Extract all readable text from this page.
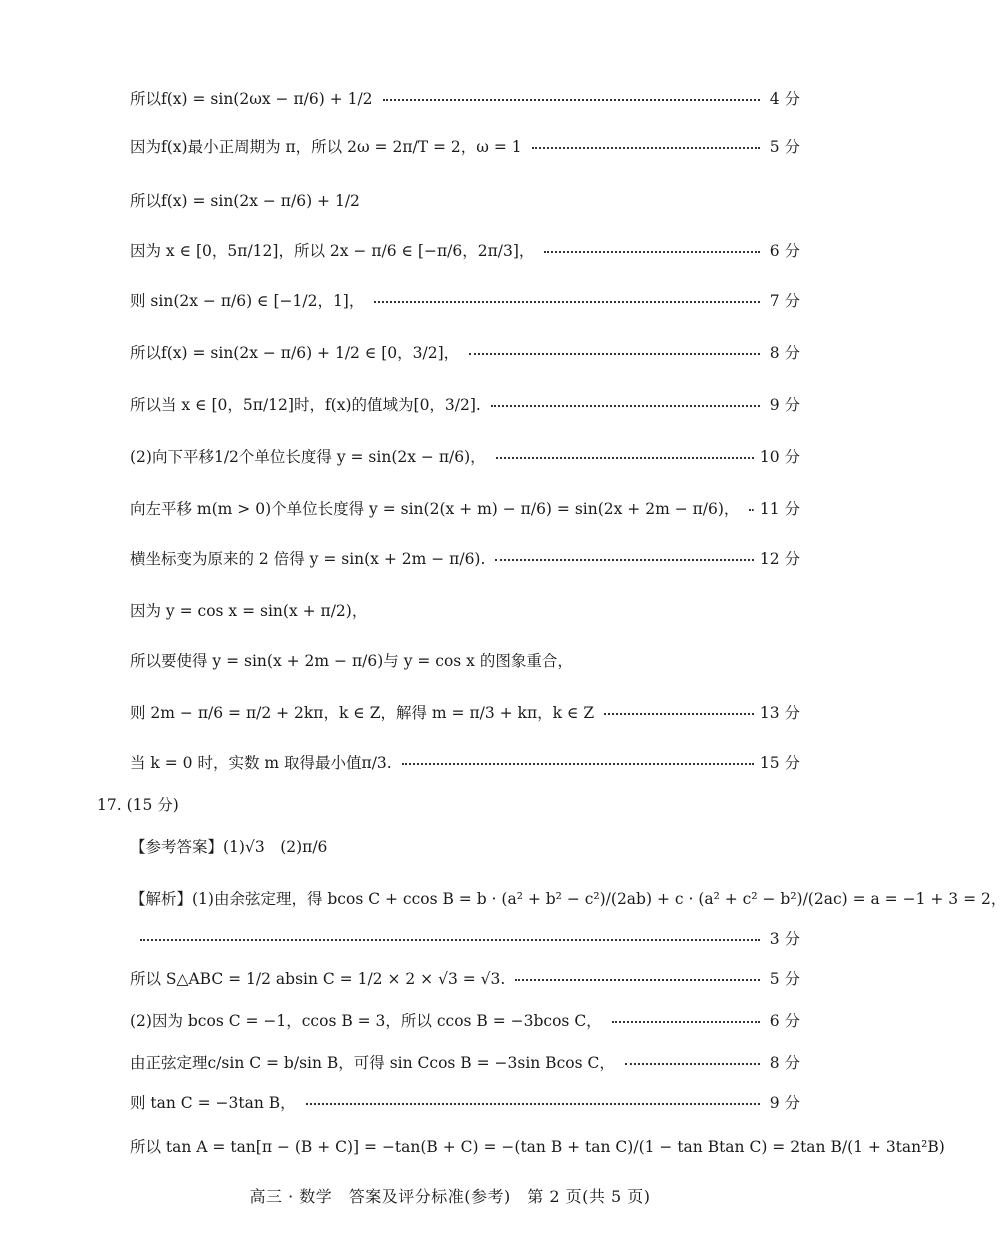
所以f(x) = sin(2ωx − π/6) + 1/2	4 分
因为f(x)最小正周期为 π，所以 2ω = 2π/T = 2，ω = 1	5 分
所以f(x) = sin(2x − π/6) + 1/2
因为 x ∈ [0，5π/12]，所以 2x − π/6 ∈ [−π/6，2π/3]，	6 分
则 sin(2x − π/6) ∈ [−1/2，1]，	7 分
所以f(x) = sin(2x − π/6) + 1/2 ∈ [0，3/2]，	8 分
所以当 x ∈ [0，5π/12]时，f(x)的值域为[0，3/2].	9 分
(2)向下平移1/2个单位长度得 y = sin(2x − π/6)，	10 分
向左平移 m(m > 0)个单位长度得 y = sin(2(x + m) − π/6) = sin(2x + 2m − π/6)， 11 分
横坐标变为原来的 2 倍得 y = sin(x + 2m − π/6).	12 分
因为 y = cos x = sin(x + π/2)，
所以要使得 y = sin(x + 2m − π/6)与 y = cos x 的图象重合，
则 2m − π/6 = π/2 + 2kπ，k ∈ Z，解得 m = π/3 + kπ，k ∈ Z	13 分
当 k = 0 时，实数 m 取得最小值π/3.	15 分
17. (15 分)
【参考答案】(1)√3　(2)π/6
【解析】(1)由余弦定理，得 bcos C + ccos B = b · (a² + b² − c²)/(2ab) + c · (a² + c² − b²)/(2ac) = a = −1 + 3 = 2，
3 分
所以 S△ABC = 1/2 absin C = 1/2 × 2 × √3 = √3.	5 分
(2)因为 bcos C = −1，ccos B = 3，所以 ccos B = −3bcos C，	6 分
由正弦定理c/sin C = b/sin B，可得 sin Ccos B = −3sin Bcos C，	8 分
则 tan C = −3tan B，	9 分
所以 tan A = tan[π − (B + C)] = −tan(B + C) = −(tan B + tan C)/(1 − tan Btan C) = 2tan B/(1 + 3tan²B)
高三 · 数学　答案及评分标准(参考)　第 2 页(共 5 页)
